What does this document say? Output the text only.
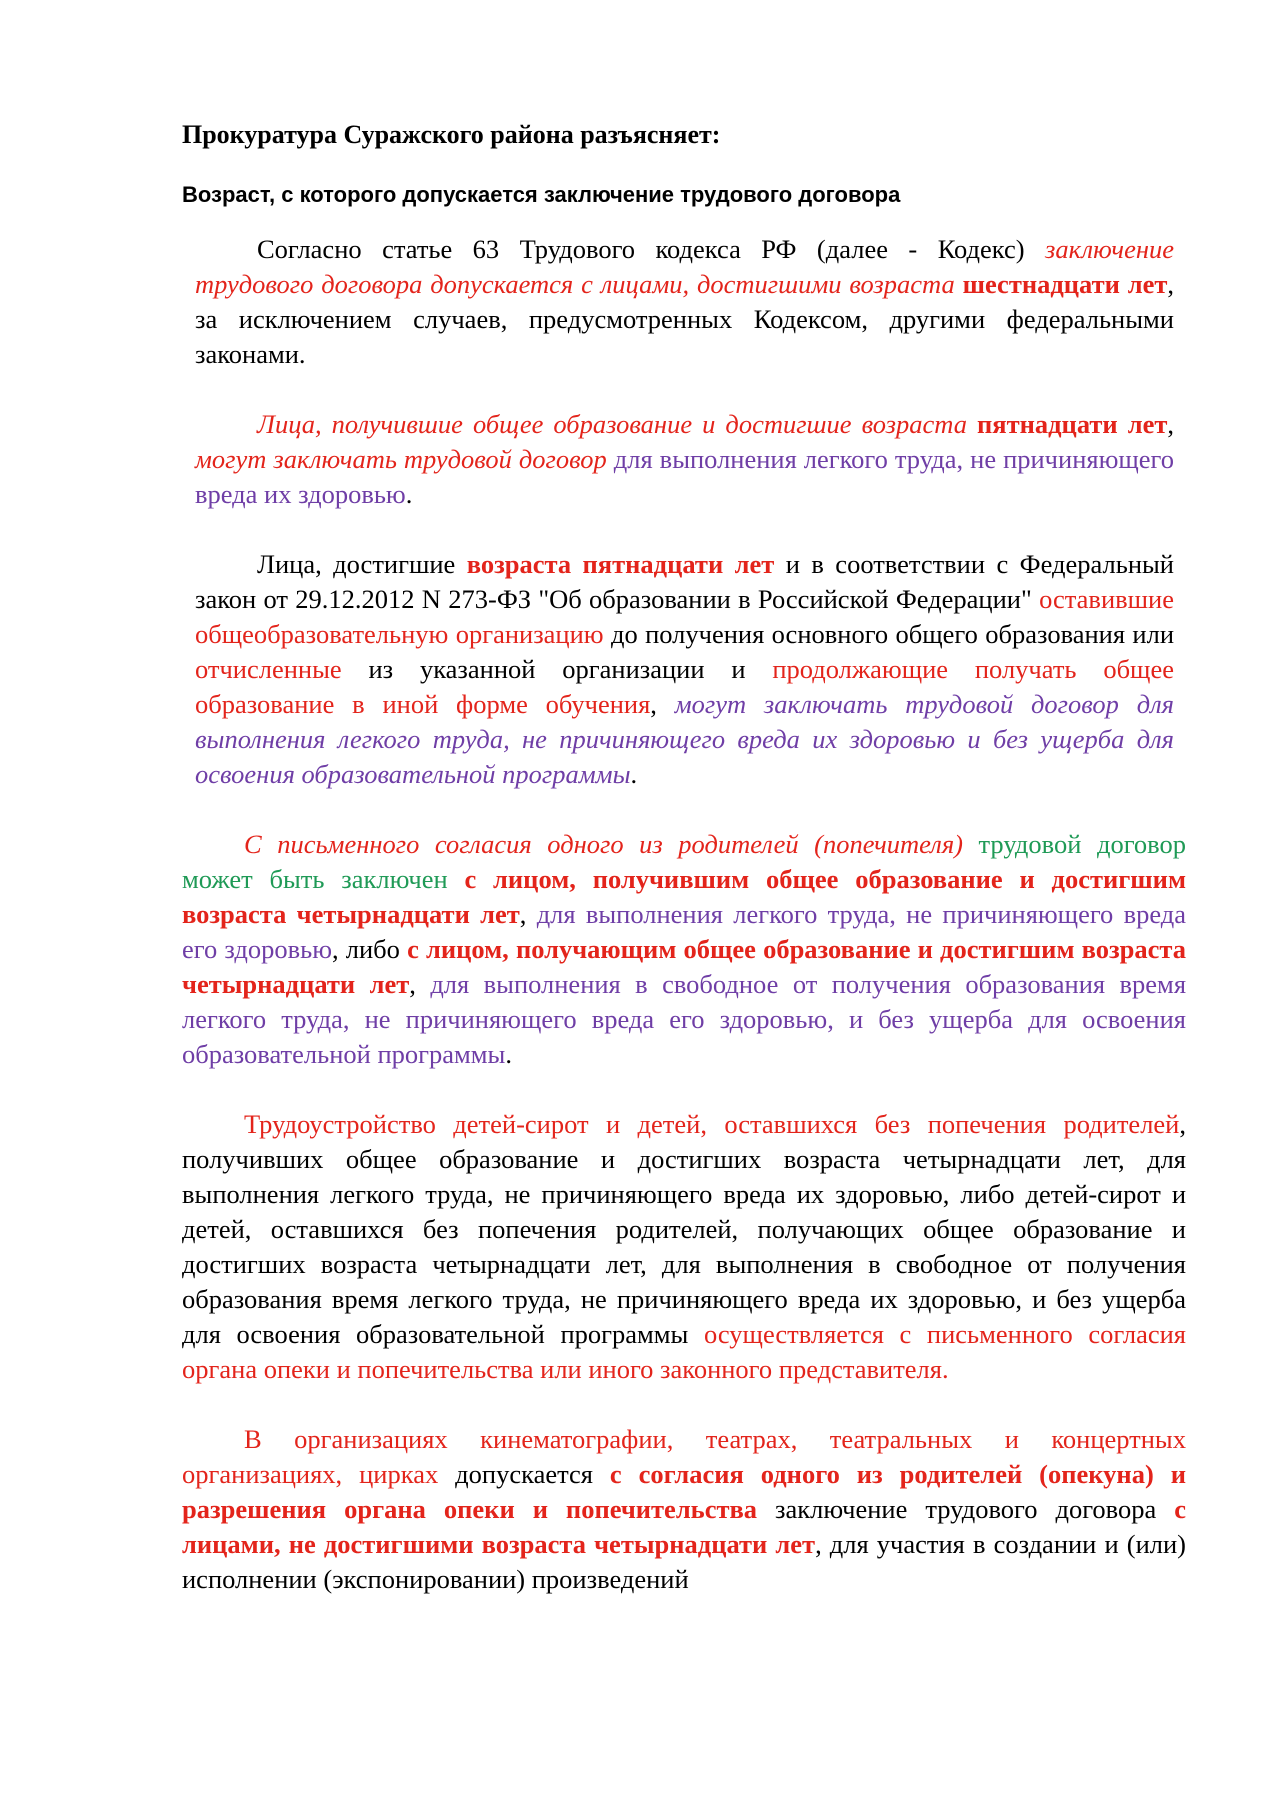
Прокуратура Суражского района разъясняет:
Возраст, с которого допускается заключение трудового договора

Согласно статье 63 Трудового кодекса РФ (далее - Кодекс) заключение трудового договора допускается с лицами, достигшими возраста шестнадцати лет, за исключением случаев, предусмотренных Кодексом, другими федеральными законами.

Лица, получившие общее образование и достигшие возраста пятнадцати лет, могут заключать трудовой договор для выполнения легкого труда, не причиняющего вреда их здоровью.

Лица, достигшие возраста пятнадцати лет и в соответствии с Федеральный закон от 29.12.2012 N 273-ФЗ "Об образовании в Российской Федерации" оставившие общеобразовательную организацию до получения основного общего образования или отчисленные из указанной организации и продолжающие получать общее образование в иной форме обучения, могут заключать трудовой договор для выполнения легкого труда, не причиняющего вреда их здоровью и без ущерба для освоения образовательной программы.

С письменного согласия одного из родителей (попечителя) трудовой договор может быть заключен с лицом, получившим общее образование и достигшим возраста четырнадцати лет, для выполнения легкого труда, не причиняющего вреда его здоровью, либо с лицом, получающим общее образование и достигшим возраста четырнадцати лет, для выполнения в свободное от получения образования время легкого труда, не причиняющего вреда его здоровью, и без ущерба для освоения образовательной программы.

Трудоустройство детей-сирот и детей, оставшихся без попечения родителей, получивших общее образование и достигших возраста четырнадцати лет, для выполнения легкого труда, не причиняющего вреда их здоровью, либо детей-сирот и детей, оставшихся без попечения родителей, получающих общее образование и достигших возраста четырнадцати лет, для выполнения в свободное от получения образования время легкого труда, не причиняющего вреда их здоровью, и без ущерба для освоения образовательной программы осуществляется с письменного согласия органа опеки и попечительства или иного законного представителя.

В организациях кинематографии, театрах, театральных и концертных организациях, цирках допускается с согласия одного из родителей (опекуна) и разрешения органа опеки и попечительства заключение трудового договора с лицами, не достигшими возраста четырнадцати лет, для участия в создании и (или) исполнении (экспонировании) произведений
